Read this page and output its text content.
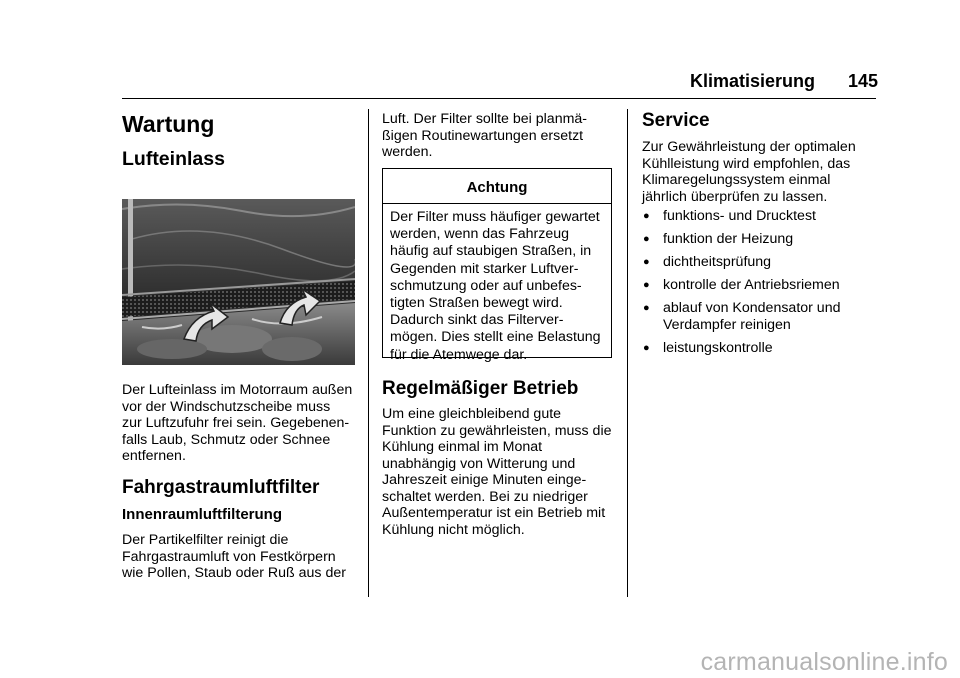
Klimatisierung	145
Wartung
Lufteinlass

Der Lufteinlass im Motorraum außen

vor der Windschutzscheibe muss

zur Luftzufuhr frei sein. Gegebenen-

falls Laub, Schmutz oder Schnee

entfernen.

Fahrgastraumluftfilter
Innenraumluftfilterung

Der Partikelfilter reinigt die

Fahrgastraumluft von Festkörpern

wie Pollen, Staub oder Ruß aus der

Luft. Der Filter sollte bei planmä-

ßigen Routinewartungen ersetzt

werden.

Achtung
Der Filter muss häufiger gewartet
werden, wenn das Fahrzeug
häufig auf staubigen Straßen, in
Gegenden mit starker Luftver-
schmutzung oder auf unbefes-
tigten Straßen bewegt wird.
Dadurch sinkt das Filterver-
mögen. Dies stellt eine Belastung
für die Atemwege dar.
Regelmäßiger Betrieb

Um eine gleichbleibend gute

Funktion zu gewährleisten, muss die

Kühlung einmal im Monat

unabhängig von Witterung und

Jahreszeit einige Minuten einge-

schaltet werden. Bei zu niedriger

Außentemperatur ist ein Betrieb mit

Kühlung nicht möglich.

Service

Zur Gewährleistung der optimalen

Kühlleistung wird empfohlen, das

Klimaregelungssystem einmal

jährlich überprüfen zu lassen.

● funktions- und Drucktest
● funktion der Heizung
● dichtheitsprüfung
● kontrolle der Antriebsriemen
● ablauf von Kondensator und
Verdampfer reinigen
● leistungskontrolle
carmanualsonline.info
